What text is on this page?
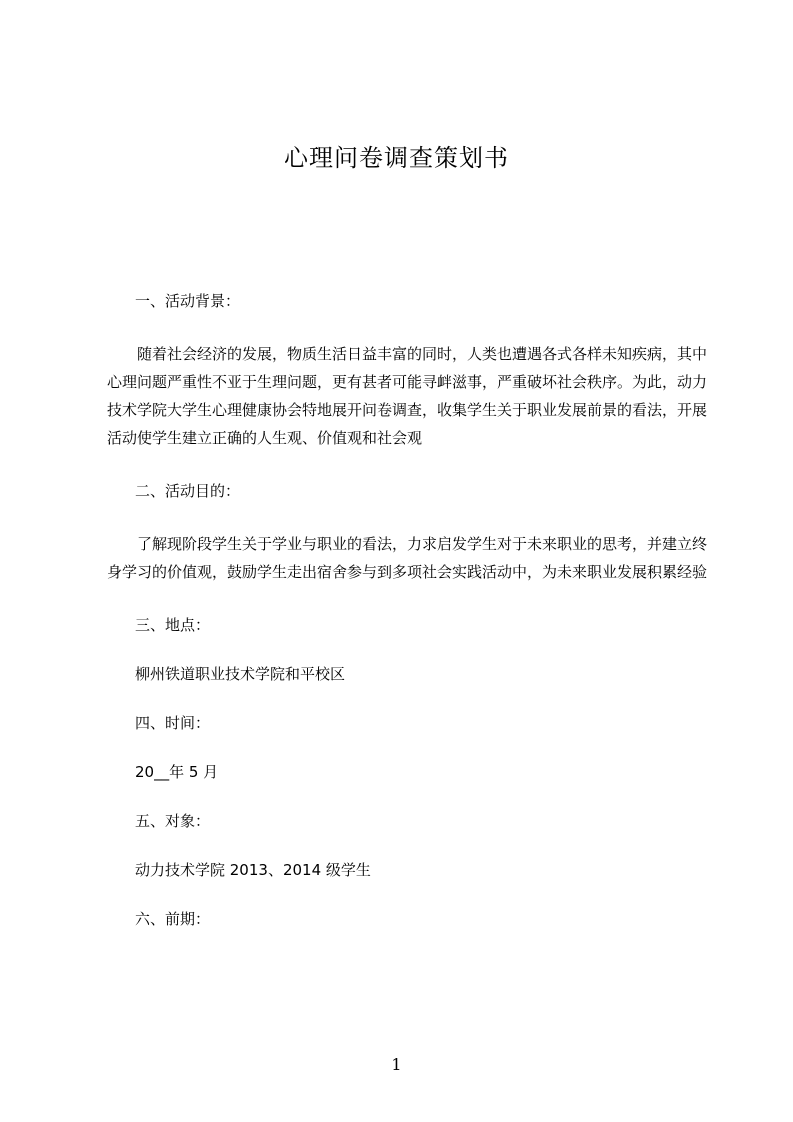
心理问卷调查策划书

一、活动背景：

随着社会经济的发展，物质生活日益丰富的同时，人类也遭遇各式各样未知疾病，其中心理问题严重性不亚于生理问题，更有甚者可能寻衅滋事，严重破坏社会秩序。为此，动力技术学院大学生心理健康协会特地展开问卷调查，收集学生关于职业发展前景的看法，开展活动使学生建立正确的人生观、价值观和社会观

二、活动目的：

了解现阶段学生关于学业与职业的看法，力求启发学生对于未来职业的思考，并建立终身学习的价值观，鼓励学生走出宿舍参与到多项社会实践活动中，为未来职业发展积累经验

三、地点：

柳州铁道职业技术学院和平校区

四、时间：

20__年 5 月

五、对象：

动力技术学院 2013、2014 级学生

六、前期：

1
